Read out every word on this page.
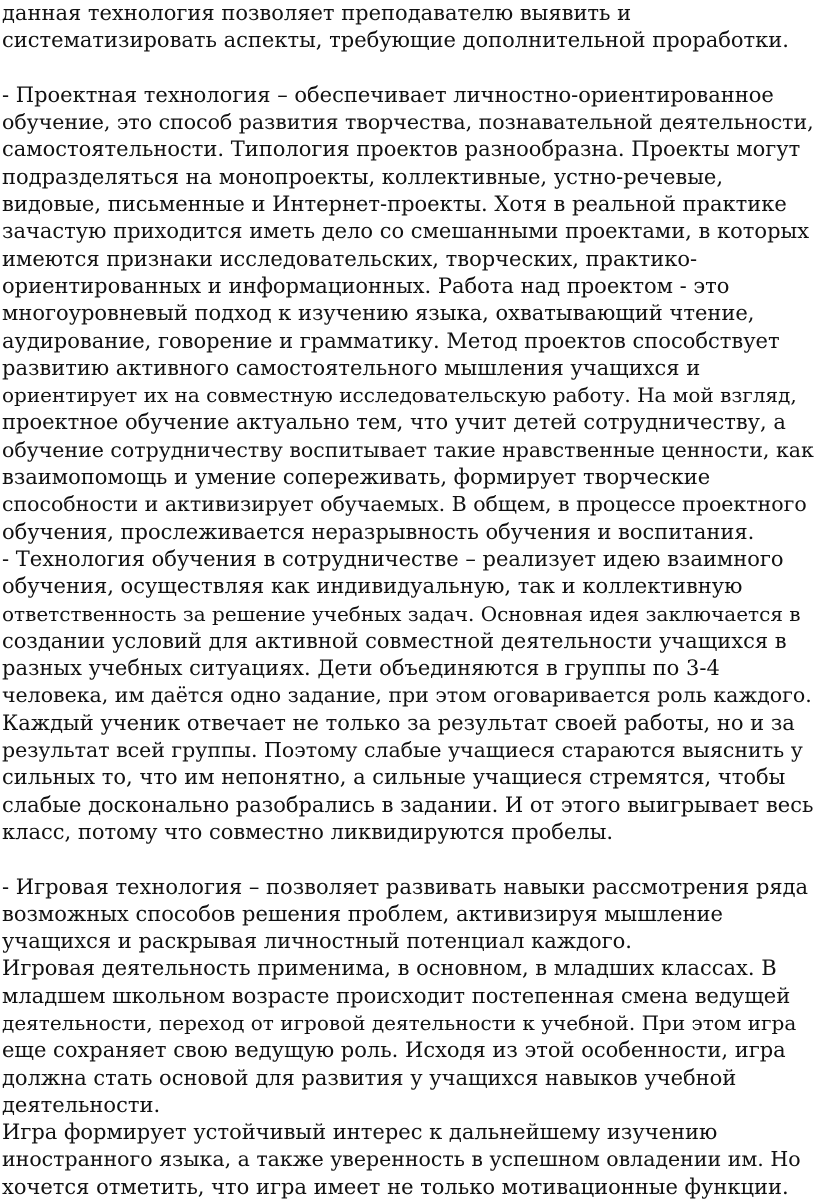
данная технология позволяет преподавателю выявить и
систематизировать аспекты, требующие дополнительной проработки.
- Проектная технология – обеспечивает личностно-ориентированное
обучение, это способ развития творчества, познавательной деятельности,
самостоятельности. Типология проектов разнообразна. Проекты могут
подразделяться на монопроекты, коллективные, устно-речевые,
видовые, письменные и Интернет-проекты. Хотя в реальной практике
зачастую приходится иметь дело со смешанными проектами, в которых
имеются признаки исследовательских, творческих, практико-
ориентированных и информационных. Работа над проектом - это
многоуровневый подход к изучению языка, охватывающий чтение,
аудирование, говорение и грамматику. Метод проектов способствует
развитию активного самостоятельного мышления учащихся и
ориентирует их на совместную исследовательскую работу. На мой взгляд,
проектное обучение актуально тем, что учит детей сотрудничеству, а
обучение сотрудничеству воспитывает такие нравственные ценности, как
взаимопомощь и умение сопереживать, формирует творческие
способности и активизирует обучаемых. В общем, в процессе проектного
обучения, прослеживается неразрывность обучения и воспитания.
- Технология обучения в сотрудничестве – реализует идею взаимного
обучения, осуществляя как индивидуальную, так и коллективную
ответственность за решение учебных задач. Основная идея заключается в
создании условий для активной совместной деятельности учащихся в
разных учебных ситуациях. Дети объединяются в группы по 3-4
человека, им даётся одно задание, при этом оговаривается роль каждого.
Каждый ученик отвечает не только за результат своей работы, но и за
результат всей группы. Поэтому слабые учащиеся стараются выяснить у
сильных то, что им непонятно, а сильные учащиеся стремятся, чтобы
слабые досконально разобрались в задании. И от этого выигрывает весь
класс, потому что совместно ликвидируются пробелы.
- Игровая технология – позволяет развивать навыки рассмотрения ряда
возможных способов решения проблем, активизируя мышление
учащихся и раскрывая личностный потенциал каждого.
Игровая деятельность применима, в основном, в младших классах. В
младшем школьном возрасте происходит постепенная смена ведущей
деятельности, переход от игровой деятельности к учебной. При этом игра
еще сохраняет свою ведущую роль. Исходя из этой особенности, игра
должна стать основой для развития у учащихся навыков учебной
деятельности.
Игра формирует устойчивый интерес к дальнейшему изучению
иностранного языка, а также уверенность в успешном овладении им. Но
хочется отметить, что игра имеет не только мотивационные функции.
